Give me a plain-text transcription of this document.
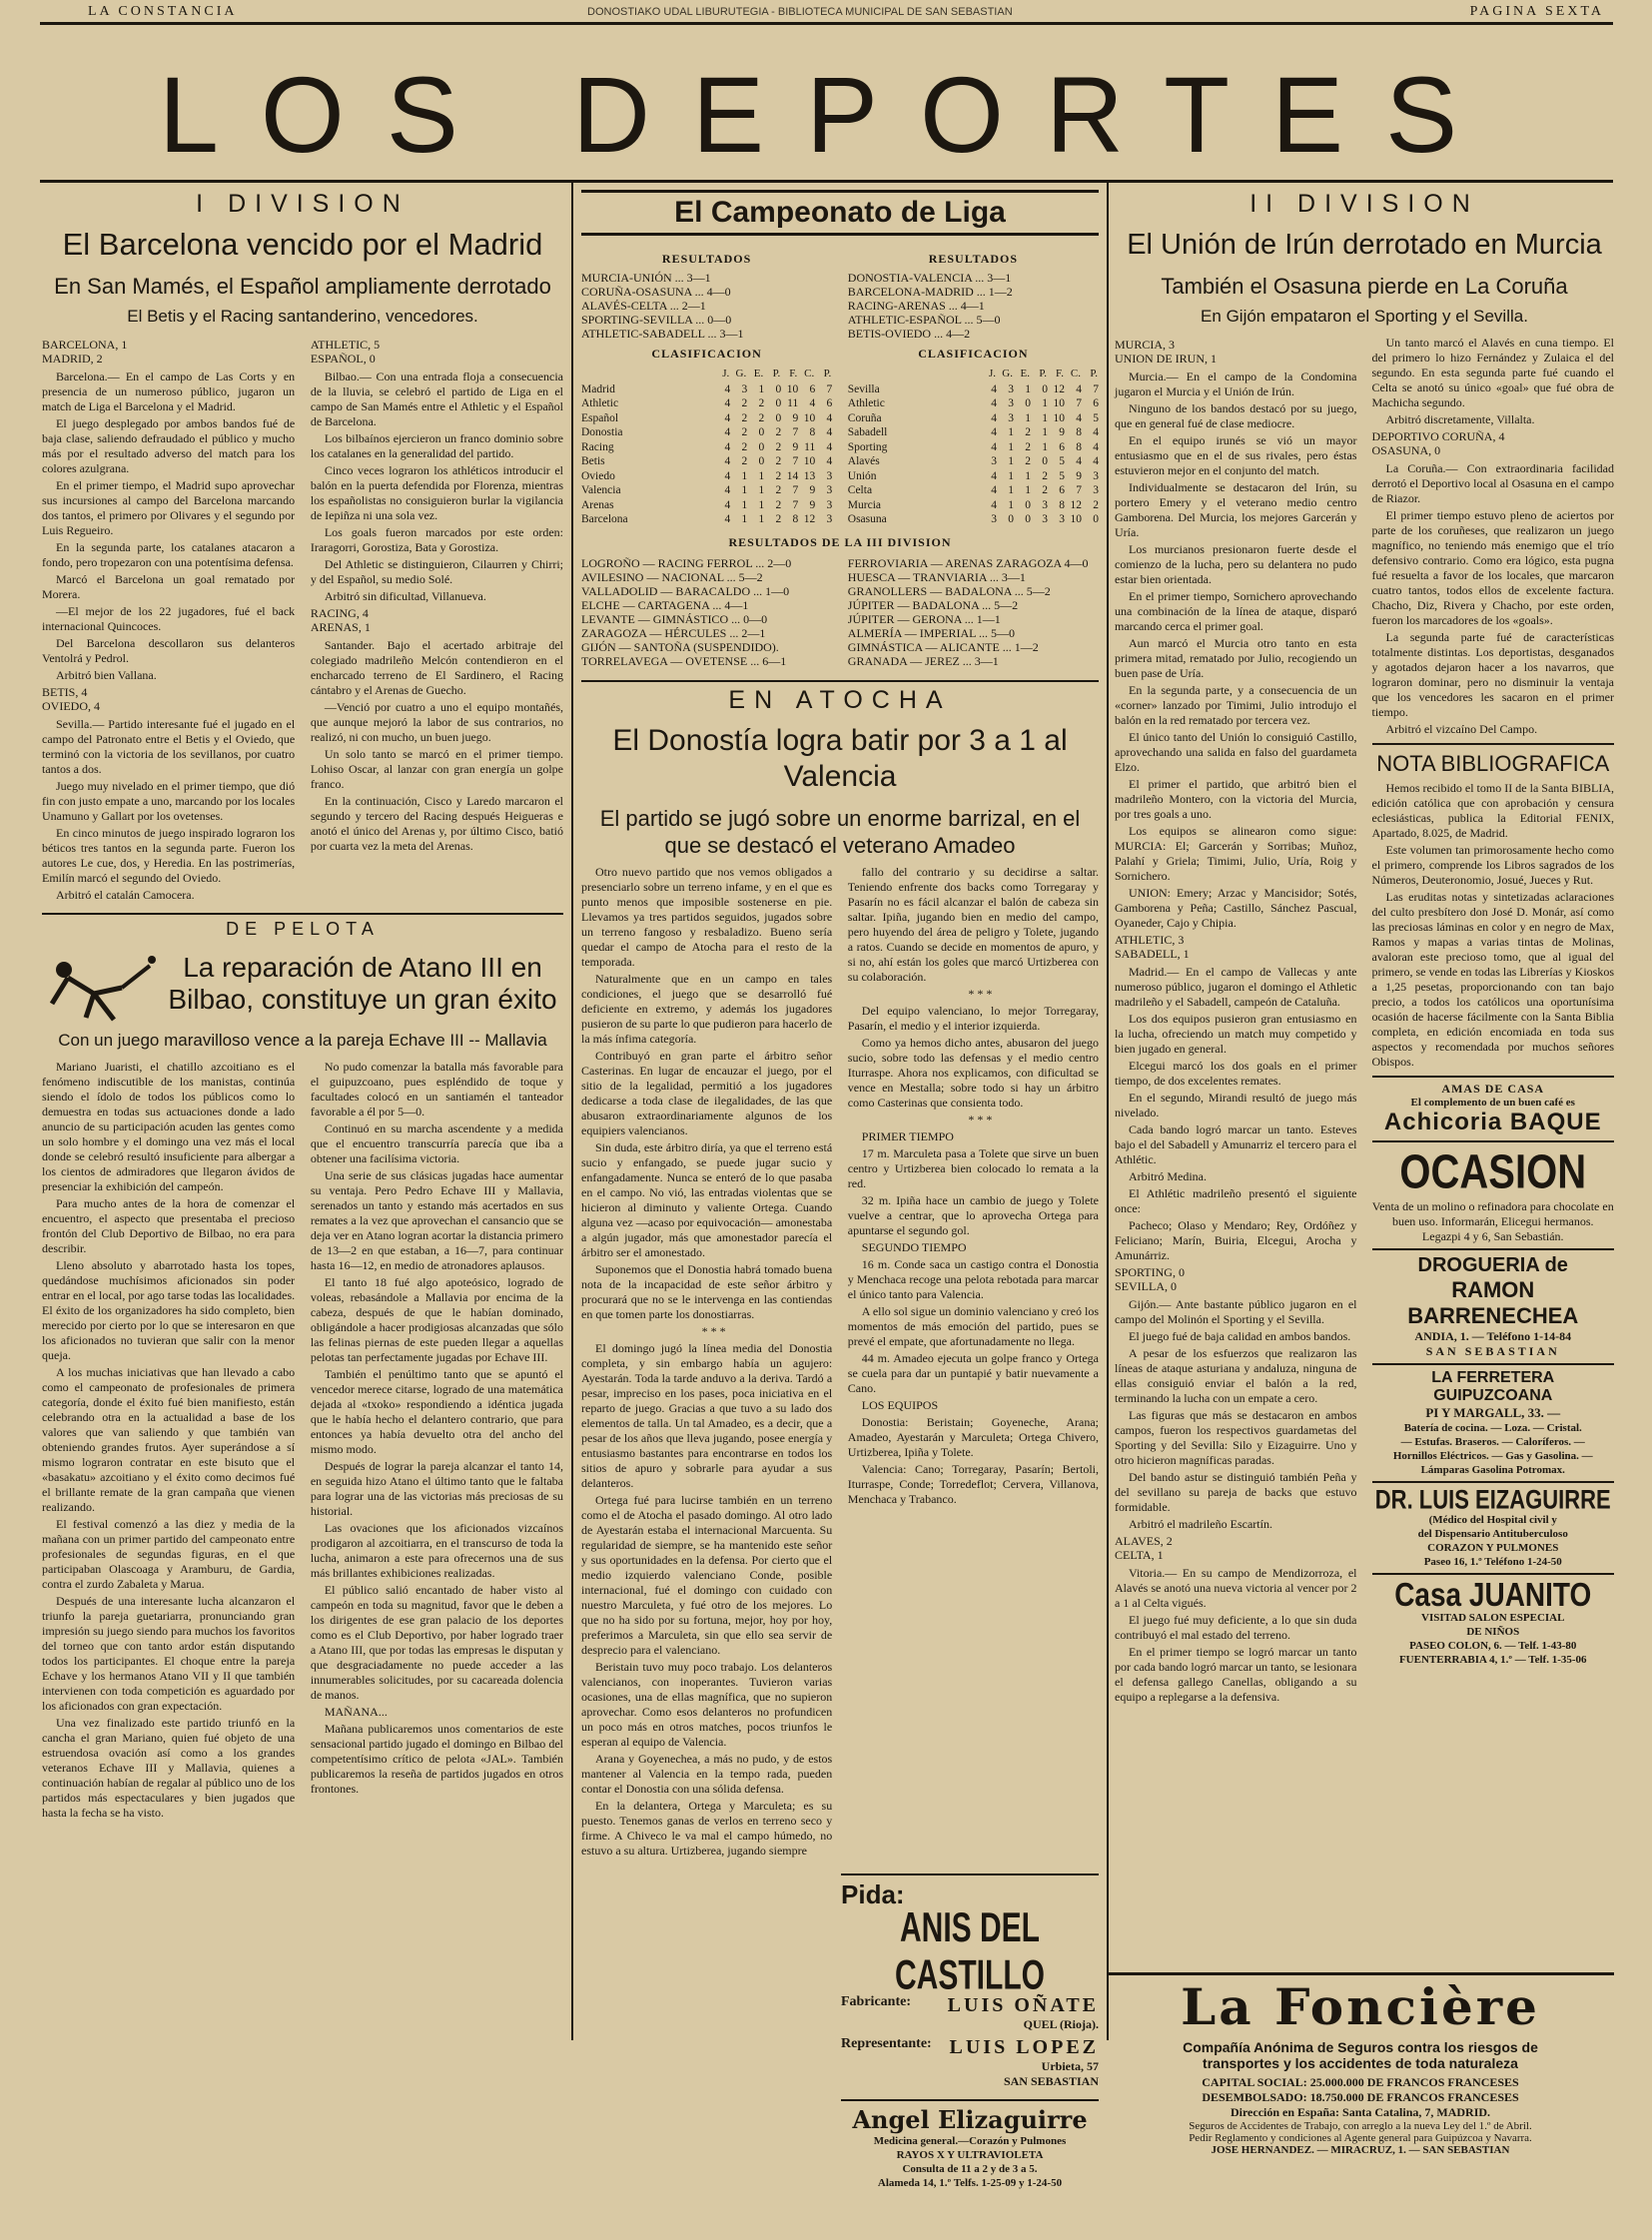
LA CONSTANCIA	DONOSTIAKO UDAL LIBURUTEGIA - BIBLIOTECA MUNICIPAL DE SAN SEBASTIAN	PAGINA SEXTA
LOS DEPORTES
I DIVISION
El Barcelona vencido por el Madrid
En San Mamés, el Español ampliamente derrotado
El Betis y el Racing santanderino, vencedores.
BARCELONA, 1
MADRID, 2

Barcelona.— En el campo de Las Corts y en presencia de un numeroso público, jugaron un match de Liga el Barcelona y el Madrid.

El juego desplegado por ambos bandos fué de baja clase, saliendo defraudado el público y mucho más por el resultado adverso del match para los colores azulgrana.

En el primer tiempo, el Madrid supo aprovechar sus incursiones al campo del Barcelona marcando dos tantos, el primero por Olivares y el segundo por Luis Regueiro.

En la segunda parte, los catalanes atacaron a fondo, pero tropezaron con una potentísima defensa.

Marcó el Barcelona un goal rematado por Morera.

—El mejor de los 22 jugadores, fué el back internacional Quincoces.

Del Barcelona descollaron sus delanteros Ventolrá y Pedrol.

Arbitró bien Vallana.

BETIS, 4
OVIEDO, 4

Sevilla.— Partido interesante fué el jugado en el campo del Patronato entre el Betis y el Oviedo, que terminó con la victoria de los sevillanos, por cuatro tantos a dos.

Juego muy nivelado en el primer tiempo, que dió fin con justo empate a uno, marcando por los locales Unamuno y Gallart por los ovetenses.

En cinco minutos de juego inspirado lograron los béticos tres tantos en la segunda parte. Fueron los autores Le cue, dos, y Heredia. En las postrimerías, Emilín marcó el segundo del Oviedo.

Arbitró el catalán Camocera.

ATHLETIC, 5
ESPAÑOL, 0

Bilbao.— Con una entrada floja a consecuencia de la lluvia, se celebró el partido de Liga en el campo de San Mamés entre el Athletic y el Español de Barcelona.

Los bilbaínos ejercieron un franco dominio sobre los catalanes en la generalidad del partido.

Cinco veces lograron los athléticos introducir el balón en la puerta defendida por Florenza, mientras los españolistas no consiguieron burlar la vigilancia de Iepiñza ni una sola vez.

Los goals fueron marcados por este orden: Iraragorri, Gorostiza, Bata y Gorostiza.

Del Athletic se distinguieron, Cilaurren y Chirri; y del Español, su medio Solé.

Arbitró sin dificultad, Villanueva.

RACING, 4
ARENAS, 1

Santander. Bajo el acertado arbitraje del colegiado madrileño Melcón contendieron en el encharcado terreno de El Sardinero, el Racing cántabro y el Arenas de Guecho.

—Venció por cuatro a uno el equipo montañés, que aunque mejoró la labor de sus contrarios, no realizó, ni con mucho, un buen juego.

Un solo tanto se marcó en el primer tiempo. Lohiso Oscar, al lanzar con gran energía un golpe franco.

En la continuación, Cisco y Laredo marcaron el segundo y tercero del Racing después Heigueras e anotó el único del Arenas y, por último Cisco, batió por cuarta vez la meta del Arenas.

DE PELOTA
La reparación de Atano III en Bilbao, constituye un gran éxito
Con un juego maravilloso vence a la pareja Echave III -- Mallavia

Mariano Juaristi, el chatillo azcoitiano es el fenómeno indiscutible de los manistas, continúa siendo el ídolo de todos los públicos como lo demuestra en todas sus actuaciones donde a lado anuncio de su participación acuden las gentes como un solo hombre y el domingo una vez más el local donde se celebró resultó insuficiente para albergar a los cientos de admiradores que llegaron ávidos de presenciar la exhibición del campeón.

Para mucho antes de la hora de comenzar el encuentro, el aspecto que presentaba el precioso frontón del Club Deportivo de Bilbao, no era para describir.

Lleno absoluto y abarrotado hasta los topes, quedándose muchísimos aficionados sin poder entrar en el local, por ago tarse todas las localidades. El éxito de los organizadores ha sido completo, bien merecido por cierto por lo que se interesaron en que los aficionados no tuvieran que salir con la menor queja.

A los muchas iniciativas que han llevado a cabo como el campeonato de profesionales de primera categoría, donde el éxito fué bien manifiesto, están celebrando otra en la actualidad a base de los valores que van saliendo y que también van obteniendo grandes frutos. Ayer superándose a sí mismo lograron contratar en este bisuto que el «basakatu» azcoitiano y el éxito como decimos fué el brillante remate de la gran campaña que vienen realizando.

El festival comenzó a las diez y media de la mañana con un primer partido del campeonato entre profesionales de segundas figuras, en el que participaban Olascoaga y Aramburu, de Gardia, contra el zurdo Zabaleta y Marua.

Después de una interesante lucha alcanzaron el triunfo la pareja guetariarra, pronunciando gran impresión su juego siendo para muchos los favoritos del torneo que con tanto ardor están disputando todos los participantes. El choque entre la pareja Echave y los hermanos Atano VII y II que también intervienen con toda competición es aguardado por los aficionados con gran expectación.

Una vez finalizado este partido triunfó en la cancha el gran Mariano, quien fué objeto de una estruendosa ovación así como a los grandes veteranos Echave III y Mallavia, quienes a continuación habían de regalar al público uno de los partidos más espectaculares y bien jugados que hasta la fecha se ha visto.

No pudo comenzar la batalla más favorable para el guipuzcoano, pues espléndido de toque y facultades colocó en un santiamén el tanteador favorable a él por 5—0.

Continuó en su marcha ascendente y a medida que el encuentro transcurría parecía que iba a obtener una facilísima victoria.

Una serie de sus clásicas jugadas hace aumentar su ventaja. Pero Pedro Echave III y Mallavia, serenados un tanto y estando más acertados en sus remates a la vez que aprovechan el cansancio que se deja ver en Atano logran acortar la distancia primero de 13—2 en que estaban, a 16—7, para continuar hasta 16—12, en medio de atronadores aplausos.

El tanto 18 fué algo apoteósico, logrado de voleas, rebasándole a Mallavia por encima de la cabeza, después de que le habían dominado, obligándole a hacer prodigiosas alcanzadas que sólo las felinas piernas de este pueden llegar a aquellas pelotas tan perfectamente jugadas por Echave III.

También el penúltimo tanto que se apuntó el vencedor merece citarse, logrado de una matemática dejada al «txoko» respondiendo a idéntica jugada que le había hecho el delantero contrario, que para entonces ya había devuelto otra del ancho del mismo modo.

Después de lograr la pareja alcanzar el tanto 14, en seguida hizo Atano el último tanto que le faltaba para lograr una de las victorias más preciosas de su historial.

Las ovaciones que los aficionados vizcaínos prodigaron al azcoitiarra, en el transcurso de toda la lucha, animaron a este para ofrecernos una de sus más brillantes exhibiciones realizadas.

El público salió encantado de haber visto al campeón en toda su magnitud, favor que le deben a los dirigentes de ese gran palacio de los deportes como es el Club Deportivo, por haber logrado traer a Atano III, que por todas las empresas le disputan y que desgraciadamente no puede acceder a las innumerables solicitudes, por su cacareada dolencia de manos.

MAÑANA...

Mañana publicaremos unos comentarios de este sensacional partido jugado el domingo en Bilbao del competentísimo crítico de pelota «JAL». También publicaremos la reseña de partidos jugados en otros frontones.

El Campeonato de Liga
RESULTADOS
MURCIA-UNIÓN ... 3—1
CORUÑA-OSASUNA ... 4—0
ALAVÉS-CELTA ... 2—1
SPORTING-SEVILLA ... 0—0
ATHLETIC-SABADELL ... 3—1
CLASIFICACION
	J.	G.	E.	P.	F.	C.	P.
Madrid	4	3	1	0	10	6	7
Athletic	4	2	2	0	11	4	6
Español	4	2	2	0	9	10	4
Donostia	4	2	0	2	7	8	4
Racing	4	2	0	2	9	11	4
Betis	4	2	0	2	7	10	4
Oviedo	4	1	1	2	14	13	3
Valencia	4	1	1	2	7	9	3
Arenas	4	1	1	2	7	9	3
Barcelona	4	1	1	2	8	12	3
RESULTADOS
DONOSTIA-VALENCIA ... 3—1
BARCELONA-MADRID ... 1—2
RACING-ARENAS ... 4—1
ATHLETIC-ESPAÑOL ... 5—0
BETIS-OVIEDO ... 4—2
CLASIFICACION
	J.	G.	E.	P.	F.	C.	P.
Sevilla	4	3	1	0	12	4	7
Athletic	4	3	0	1	10	7	6
Coruña	4	3	1	1	10	4	5
Sabadell	4	1	2	1	9	8	4
Sporting	4	1	2	1	6	8	4
Alavés	3	1	2	0	5	4	4
Unión	4	1	1	2	5	9	3
Celta	4	1	1	2	6	7	3
Murcia	4	1	0	3	8	12	2
Osasuna	3	0	0	3	3	10	0
RESULTADOS DE LA III DIVISION
LOGROÑO — RACING FERROL ... 2—0
AVILESINO — NACIONAL ... 5—2
VALLADOLID — BARACALDO ... 1—0
ELCHE — CARTAGENA ... 4—1
LEVANTE — GIMNÁSTICO ... 0—0
ZARAGOZA — HÉRCULES ... 2—1
GIJÓN — SANTOÑA (SUSPENDIDO).
TORRELAVEGA — OVETENSE ... 6—1
FERROVIARIA — ARENAS ZARAGOZA 4—0
HUESCA — TRANVIARIA ... 3—1
GRANOLLERS — BADALONA ... 5—2
JÚPITER — BADALONA ... 5—2
JÚPITER — GERONA ... 1—1
ALMERÍA — IMPERIAL ... 5—0
GIMNÁSTICA — ALICANTE ... 1—2
GRANADA — JEREZ ... 3—1
EN ATOCHA
El Donostía logra batir por 3 a 1 al Valencia
El partido se jugó sobre un enorme barrizal, en el que se destacó el veterano Amadeo

Otro nuevo partido que nos vemos obligados a presenciarlo sobre un terreno infame, y en el que es punto menos que imposible sostenerse en pie. Llevamos ya tres partidos seguidos, jugados sobre un terreno fangoso y resbaladizo. Bueno sería quedar el campo de Atocha para el resto de la temporada.

Naturalmente que en un campo en tales condiciones, el juego que se desarrolló fué deficiente en extremo, y además los jugadores pusieron de su parte lo que pudieron para hacerlo de la más ínfima categoría.

Contribuyó en gran parte el árbitro señor Casterinas. En lugar de encauzar el juego, por el sitio de la legalidad, permitió a los jugadores dedicarse a toda clase de ilegalidades, de las que abusaron extraordinariamente algunos de los equipiers valencianos.

Sin duda, este árbitro diría, ya que el terreno está sucio y enfangado, se puede jugar sucio y enfangadamente. Nunca se enteró de lo que pasaba en el campo. No vió, las entradas violentas que se hicieron al diminuto y valiente Ortega. Cuando alguna vez —acaso por equivocación— amonestaba a algún jugador, más que amonestador parecía el árbitro ser el amonestado.

Suponemos que el Donostia habrá tomado buena nota de la incapacidad de este señor árbitro y procurará que no se le intervenga en las contiendas en que tomen parte los donostiarras.

* * *

El domingo jugó la línea media del Donostia completa, y sin embargo había un agujero: Ayestarán. Toda la tarde anduvo a la deriva. Tardó a pesar, impreciso en los pases, poca iniciativa en el reparto de juego. Gracias a que tuvo a su lado dos elementos de talla. Un tal Amadeo, es a decir, que a pesar de los años que lleva jugando, posee energía y entusiasmo bastantes para encontrarse en todos los sitios de apuro y sobrarle para ayudar a sus delanteros.

Ortega fué para lucirse también en un terreno como el de Atocha el pasado domingo. Al otro lado de Ayestarán estaba el internacional Marcuenta. Su regularidad de siempre, se ha mantenido este señor y sus oportunidades en la defensa. Por cierto que el medio izquierdo valenciano Conde, posible internacional, fué el domingo con cuidado con nuestro Marculeta, y fué otro de los mejores. Lo que no ha sido por su fortuna, mejor, hoy por hoy, preferimos a Marculeta, sin que ello sea servir de desprecio para el valenciano.

Beristain tuvo muy poco trabajo. Los delanteros valencianos, con inoperantes. Tuvieron varias ocasiones, una de ellas magnífica, que no supieron aprovechar. Como esos delanteros no profundicen un poco más en otros matches, pocos triunfos le esperan al equipo de Valencia.

Arana y Goyenechea, a más no pudo, y de estos mantener al Valencia en la tempo rada, pueden contar el Donostia con una sólida defensa.

En la delantera, Ortega y Marculeta; es su puesto. Tenemos ganas de verlos en terreno seco y firme. A Chiveco le va mal el campo húmedo, no estuvo a su altura. Urtizberea, jugando siempre

fallo del contrario y su decidirse a saltar. Teniendo enfrente dos backs como Torregaray y Pasarín no es fácil alcanzar el balón de cabeza sin saltar. Ipiña, jugando bien en medio del campo, pero huyendo del área de peligro y Tolete, jugando a ratos. Cuando se decide en momentos de apuro, y si no, ahí están los goles que marcó Urtizberea con su colaboración.

* * *

Del equipo valenciano, lo mejor Torregaray, Pasarín, el medio y el interior izquierda.

Como ya hemos dicho antes, abusaron del juego sucio, sobre todo las defensas y el medio centro Iturraspe. Ahora nos explicamos, con dificultad se vence en Mestalla; sobre todo si hay un árbitro como Casterinas que consienta todo.

* * *

PRIMER TIEMPO

17 m. Marculeta pasa a Tolete que sirve un buen centro y Urtizberea bien colocado lo remata a la red.

32 m. Ipiña hace un cambio de juego y Tolete vuelve a centrar, que lo aprovecha Ortega para apuntarse el segundo gol.

SEGUNDO TIEMPO

16 m. Conde saca un castigo contra el Donostia y Menchaca recoge una pelota rebotada para marcar el único tanto para Valencia.

A ello sol sigue un dominio valenciano y creó los momentos de más emoción del partido, pues se prevé el empate, que afortunadamente no llega.

44 m. Amadeo ejecuta un golpe franco y Ortega se cuela para dar un puntapié y batir nuevamente a Cano.

LOS EQUIPOS

Donostia: Beristain; Goyeneche, Arana; Amadeo, Ayestarán y Marculeta; Ortega Chivero, Urtizberea, Ipiña y Tolete.

Valencia: Cano; Torregaray, Pasarín; Bertoli, Iturraspe, Conde; Torredeflot; Cervera, Villanova, Menchaca y Trabanco.

Pida:
ANIS DEL CASTILLO
Fabricante: LUIS OÑATE
QUEL (Rioja).
Representante: LUIS LOPEZ
Urbieta, 57
SAN SEBASTIAN
Angel Elizaguirre
Medicina general.—Corazón y Pulmones
RAYOS X Y ULTRAVIOLETA
Consulta de 11 a 2 y de 3 a 5.
Alameda 14, 1.º Telfs. 1-25-09 y 1-24-50
II DIVISION
El Unión de Irún derrotado en Murcia
También el Osasuna pierde en La Coruña
En Gijón empataron el Sporting y el Sevilla.
MURCIA, 3
UNION DE IRUN, 1

Murcia.— En el campo de la Condomina jugaron el Murcia y el Unión de Irún.

Ninguno de los bandos destacó por su juego, que en general fué de clase mediocre.

En el equipo irunés se vió un mayor entusiasmo que en el de sus rivales, pero éstas estuvieron mejor en el conjunto del match.

Individualmente se destacaron del Irún, su portero Emery y el veterano medio centro Gamborena. Del Murcia, los mejores Garcerán y Uría.

Los murcianos presionaron fuerte desde el comienzo de la lucha, pero su delantera no pudo estar bien orientada.

En el primer tiempo, Sornichero aprovechando una combinación de la línea de ataque, disparó marcando cerca el primer goal.

Aun marcó el Murcia otro tanto en esta primera mitad, rematado por Julio, recogiendo un buen pase de Uría.

En la segunda parte, y a consecuencia de un «corner» lanzado por Timimi, Julio introdujo el balón en la red rematado por tercera vez.

El único tanto del Unión lo consiguió Castillo, aprovechando una salida en falso del guardameta Elzo.

El primer el partido, que arbitró bien el madrileño Montero, con la victoria del Murcia, por tres goals a uno.

Los equipos se alinearon como sigue: MURCIA: El; Garcerán y Sorribas; Muñoz, Palahí y Griela; Timimi, Julio, Uría, Roig y Sornichero.

UNION: Emery; Arzac y Mancisidor; Sotés, Gamborena y Peña; Castillo, Sánchez Pascual, Oyaneder, Cajo y Chipia.

ATHLETIC, 3
SABADELL, 1

Madrid.— En el campo de Vallecas y ante numeroso público, jugaron el domingo el Athletic madrileño y el Sabadell, campeón de Cataluña.

Los dos equipos pusieron gran entusiasmo en la lucha, ofreciendo un match muy competido y bien jugado en general.

Elcegui marcó los dos goals en el primer tiempo, de dos excelentes remates.

En el segundo, Mirandi resultó de juego más nivelado.

Cada bando logró marcar un tanto. Esteves bajo el del Sabadell y Amunarriz el tercero para el Athlétic.

Arbitró Medina.

El Athlétic madrileño presentó el siguiente once:

Pacheco; Olaso y Mendaro; Rey, Ordóñez y Feliciano; Marín, Buiria, Elcegui, Arocha y Amunárriz.

SPORTING, 0
SEVILLA, 0

Gijón.— Ante bastante público jugaron en el campo del Molinón el Sporting y el Sevilla.

El juego fué de baja calidad en ambos bandos.

A pesar de los esfuerzos que realizaron las líneas de ataque asturiana y andaluza, ninguna de ellas consiguió enviar el balón a la red, terminando la lucha con un empate a cero.

Las figuras que más se destacaron en ambos campos, fueron los respectivos guardametas del Sporting y del Sevilla: Silo y Eizaguirre. Uno y otro hicieron magníficas paradas.

Del bando astur se distinguió también Peña y del sevillano su pareja de backs que estuvo formidable.

Arbitró el madrileño Escartín.

ALAVES, 2
CELTA, 1

Vitoria.— En su campo de Mendizorroza, el Alavés se anotó una nueva victoria al vencer por 2 a 1 al Celta vigués.

El juego fué muy deficiente, a lo que sin duda contribuyó el mal estado del terreno.

En el primer tiempo se logró marcar un tanto por cada bando logró marcar un tanto, se lesionara el defensa gallego Canellas, obligando a su equipo a replegarse a la defensiva.

Un tanto marcó el Alavés en cuna tiempo. El del primero lo hizo Fernández y Zulaica el del segundo. En esta segunda parte fué cuando el Celta se anotó su único «goal» que fué obra de Machicha segundo.

Arbitró discretamente, Villalta.

DEPORTIVO CORUÑA, 4
OSASUNA, 0

La Coruña.— Con extraordinaria facilidad derrotó el Deportivo local al Osasuna en el campo de Riazor.

El primer tiempo estuvo pleno de aciertos por parte de los coruñeses, que realizaron un juego magnífico, no teniendo más enemigo que el trío defensivo contrario. Como era lógico, esta pugna fué resuelta a favor de los locales, que marcaron cuatro tantos, todos ellos de excelente factura. Chacho, Diz, Rivera y Chacho, por este orden, fueron los marcadores de los «goals».

La segunda parte fué de características totalmente distintas. Los deportistas, desganados y agotados dejaron hacer a los navarros, que lograron dominar, pero no disminuir la ventaja que los vencedores les sacaron en el primer tiempo.

Arbitró el vizcaíno Del Campo.

NOTA BIBLIOGRAFICA

Hemos recibido el tomo II de la Santa BIBLIA, edición católica que con aprobación y censura eclesiásticas, publica la Editorial FENIX, Apartado, 8.025, de Madrid.

Este volumen tan primorosamente hecho como el primero, comprende los Libros sagrados de los Números, Deuteronomio, Josué, Jueces y Rut.

Las eruditas notas y sintetizadas aclaraciones del culto presbítero don José D. Monár, así como las preciosas láminas en color y en negro de Max, Ramos y mapas a varias tintas de Molinas, avaloran este precioso tomo, que al igual del primero, se vende en todas las Librerías y Kioskos a 1,25 pesetas, proporcionando con tan bajo precio, a todos los católicos una oportunísima ocasión de hacerse fácilmente con la Santa Biblia completa, en edición encomiada en toda sus aspectos y recomendada por muchos señores Obispos.

AMAS DE CASA
El complemento de un buen café es
Achicoria BAQUE
OCASION
Venta de un molino o refinadora para chocolate en buen uso. Informarán, Elicegui hermanos. Legazpi 4 y 6, San Sebastián.
DROGUERIA de
RAMON BARRENECHEA
ANDIA, 1. — Teléfono 1-14-84
SAN SEBASTIAN
LA FERRETERA GUIPUZCOANA
PI Y MARGALL, 33. —
Batería de cocina. — Loza. — Cristal.
— Estufas. Braseros. — Caloríferos. —
Hornillos Eléctricos. — Gas y Gasolina. — Lámparas Gasolina Potromax.
DR. LUIS EIZAGUIRRE
(Médico del Hospital civil y
del Dispensario Antituberculoso
CORAZON Y PULMONES
Paseo 16, 1.º Teléfono 1-24-50
Casa JUANITO
VISITAD SALON ESPECIAL
DE NIÑOS
PASEO COLON, 6. — Telf. 1-43-80
FUENTERRABIA 4, 1.º — Telf. 1-35-06
La Foncière
Compañía Anónima de Seguros contra los riesgos de
transportes y los accidentes de toda naturaleza
CAPITAL SOCIAL: 25.000.000 DE FRANCOS FRANCESES
DESEMBOLSADO: 18.750.000 DE FRANCOS FRANCESES
Dirección en España: Santa Catalina, 7, MADRID.
Seguros de Accidentes de Trabajo, con arreglo a la nueva Ley del 1.º de Abril.
Pedir Reglamento y condiciones al Agente general para Guipúzcoa y Navarra.
JOSE HERNANDEZ. — MIRACRUZ, 1. — SAN SEBASTIAN
